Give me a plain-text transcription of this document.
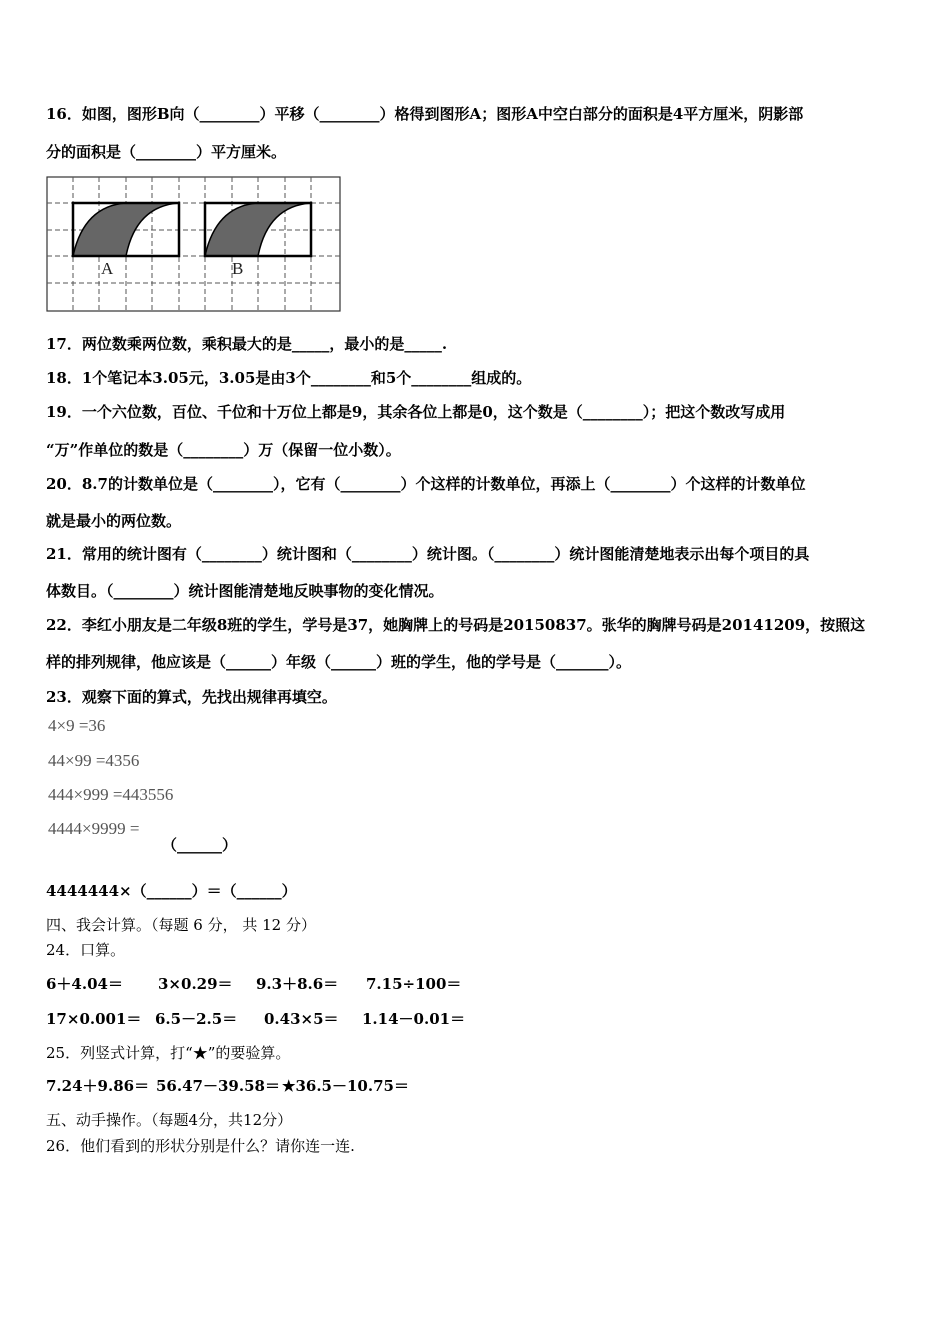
16．如图，图形B向（________）平移（________）格得到图形A；图形A中空白部分的面积是4平方厘米，阴影部
分的面积是（________）平方厘米。
A	B
17．两位数乘两位数，乘积最大的是_____，最小的是_____.
18．1个笔记本3.05元，3.05是由3个________和5个________组成的。
19．一个六位数，百位、千位和十万位上都是9，其余各位上都是0，这个数是（________）；把这个数改写成用
“万”作单位的数是（________）万（保留一位小数）。
20．8.7的计数单位是（________），它有（________）个这样的计数单位，再添上（________）个这样的计数单位
就是最小的两位数。
21．常用的统计图有（________）统计图和（________）统计图。（________）统计图能清楚地表示出每个项目的具
体数目。（________）统计图能清楚地反映事物的变化情况。
22．李红小朋友是二年级8班的学生，学号是37，她胸牌上的号码是20150837。张华的胸牌号码是20141209，按照这
样的排列规律，他应该是（______）年级（______）班的学生，他的学号是（_______）。
23．观察下面的算式，先找出规律再填空。
4×9 =36
44×99 =4356
444×999 =443556
4444×9999 =
（______）
4444444×（______）＝（______）
四、我会计算。（每题 6 分， 共 12 分）
24．口算。
6＋4.04＝ 3×0.29＝ 9.3＋8.6＝ 7.15÷100＝
17×0.001＝ 6.5－2.5＝ 0.43×5＝ 1.14－0.01＝
25．列竖式计算，打“★”的要验算。
7.24＋9.86＝ 56.47－39.58＝ ★36.5－10.75＝
五、动手操作。（每题4分，共12分）
26．他们看到的形状分别是什么？请你连一连.
